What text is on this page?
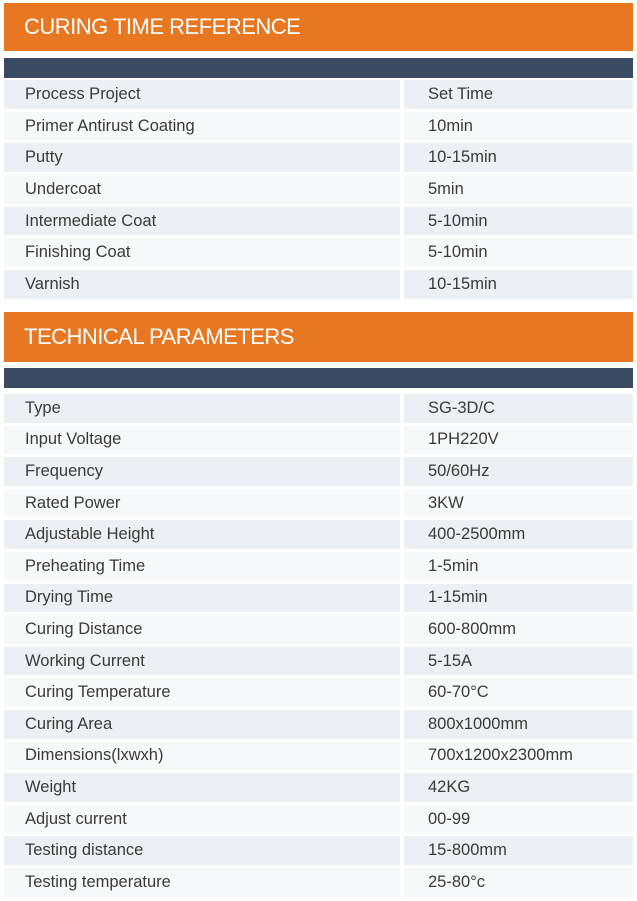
CURING TIME REFERENCE
Process Project	Set Time
Primer Antirust Coating	10min
Putty	10-15min
Undercoat	5min
Intermediate Coat	5-10min
Finishing Coat	5-10min
Varnish	10-15min
TECHNICAL PARAMETERS
Type	SG-3D/C
Input Voltage	1PH220V
Frequency	50/60Hz
Rated Power	3KW
Adjustable Height	400-2500mm
Preheating Time	1-5min
Drying Time	1-15min
Curing Distance	600-800mm
Working Current	5-15A
Curing Temperature	60-70°C
Curing Area	800x1000mm
Dimensions(lxwxh)	700x1200x2300mm
Weight	42KG
Adjust current	00-99
Testing distance	15-800mm
Testing temperature	25-80°c
